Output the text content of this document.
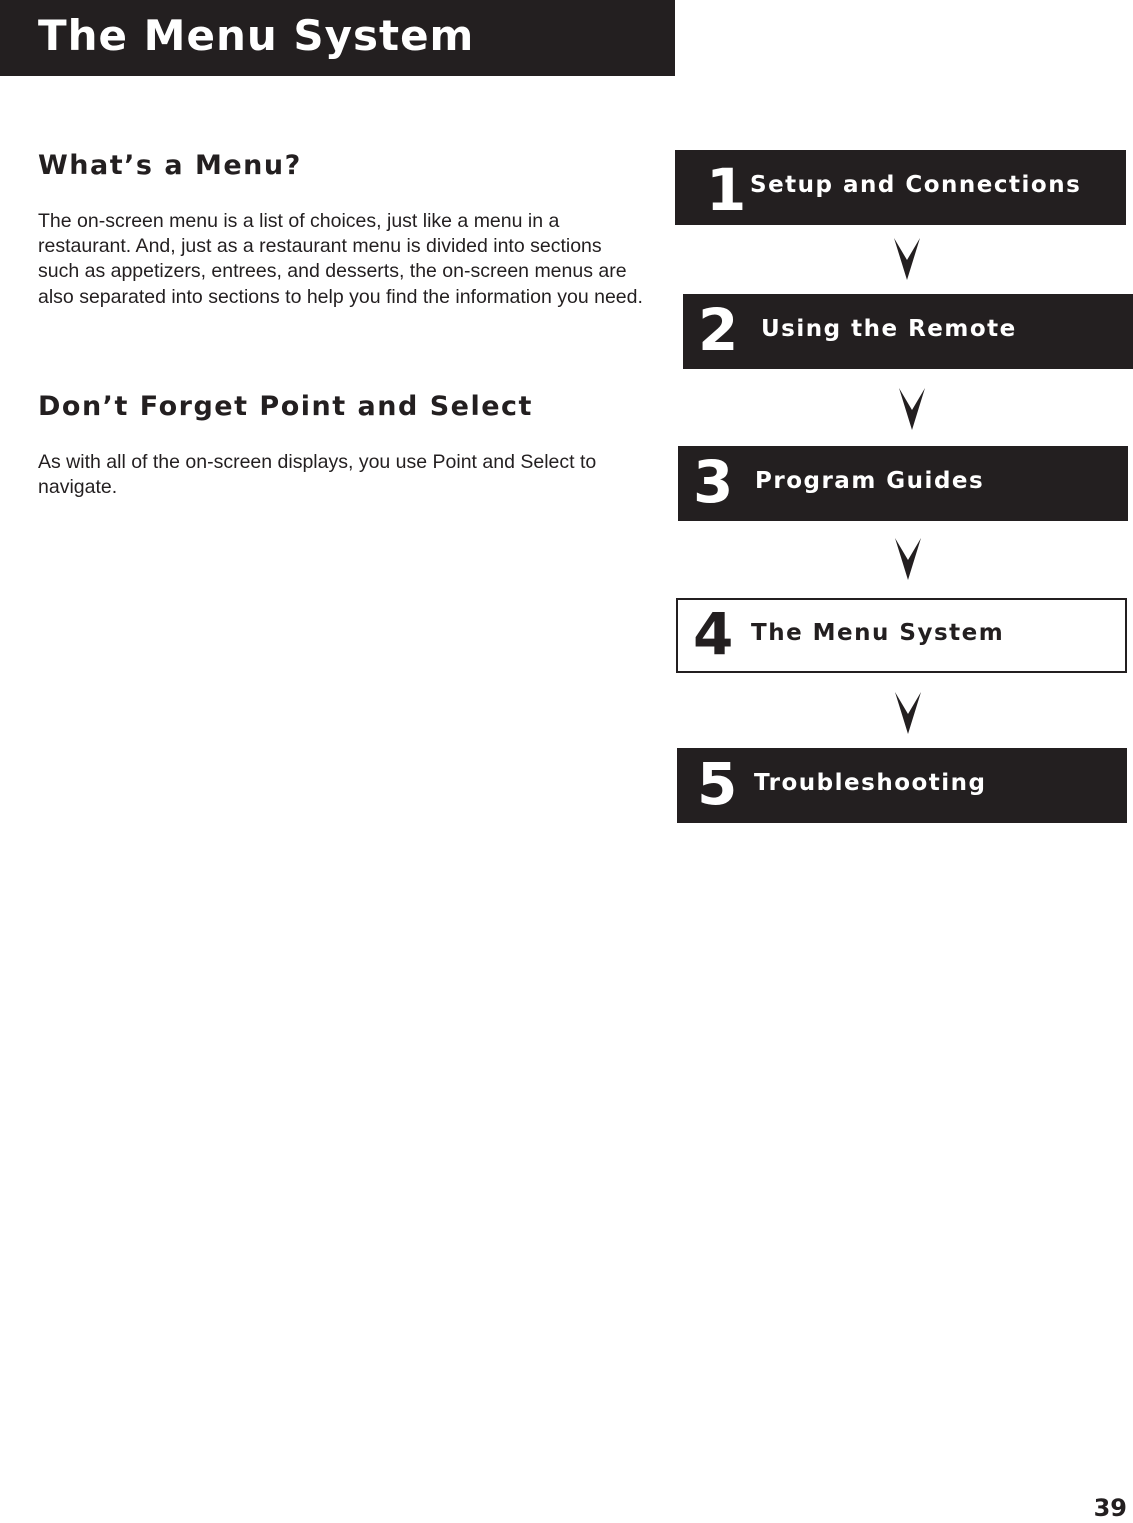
The Menu System
What’s a Menu?

The on-screen menu is a list of choices, just like a menu in a restaurant. And, just as a restaurant menu is divided into sections such as appetizers, entrees, and desserts, the on-screen menus are also separated into sections to help you find the information you need.

Don’t Forget Point and Select

As with all of the on-screen displays, you use Point and Select to navigate.

1 Setup and Connections
2 Using the Remote
3 Program Guides
4 The Menu System
5 Troubleshooting
39
